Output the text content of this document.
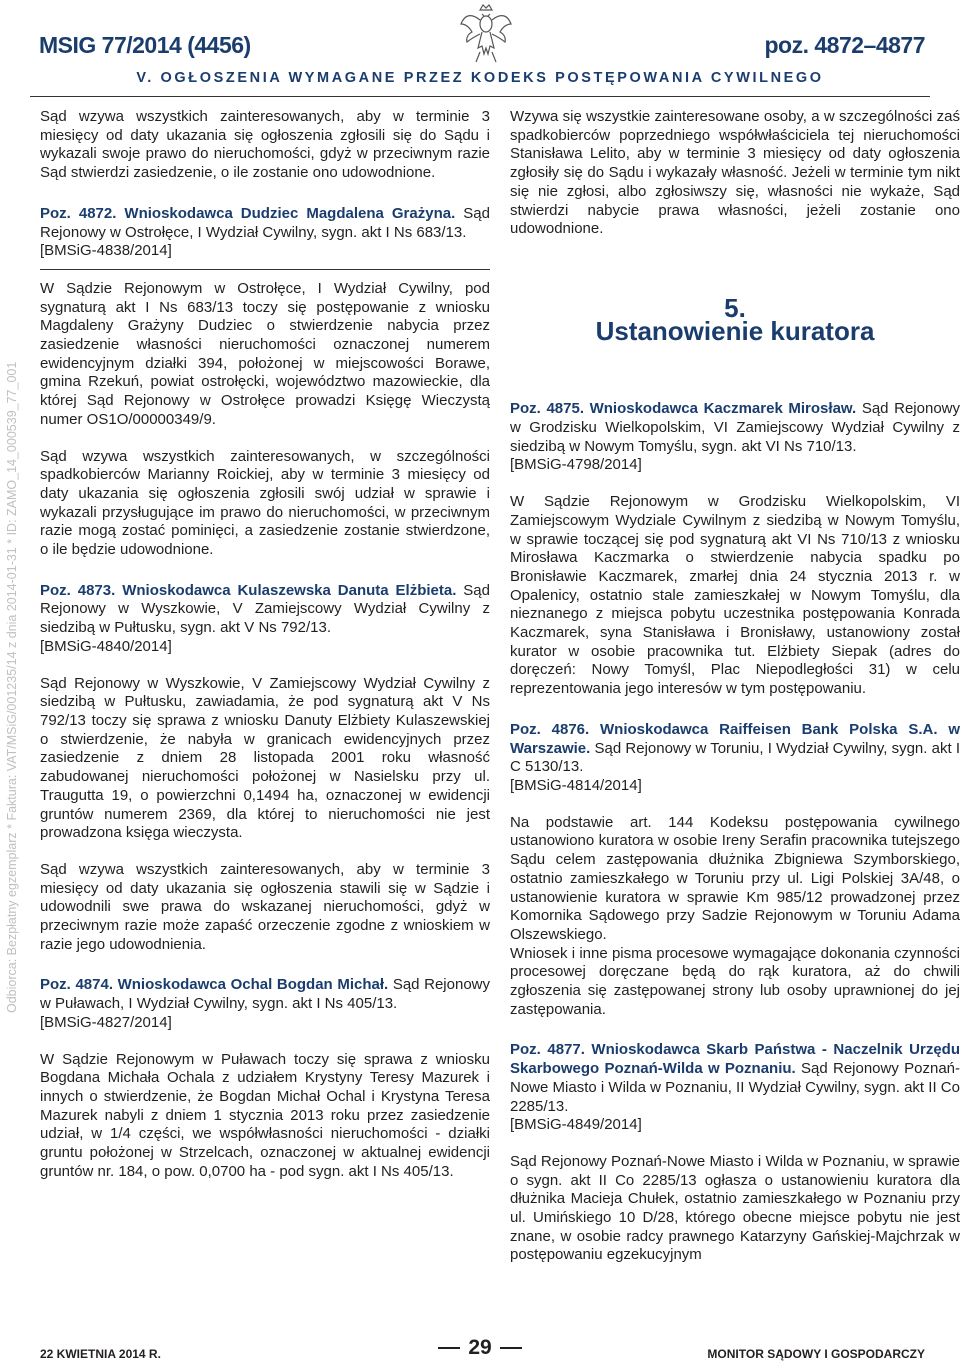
MSIG 77/2014 (4456)	poz. 4872–4877
V. OGŁOSZENIA WYMAGANE PRZEZ KODEKS POSTĘPOWANIA CYWILNEGO
Odbiorca: Bezpłatny egzemplarz * Faktura: VAT/MSiG/001235/14 z dnia 2014-01-31 * ID: ZAMO_14_000539_77_001

Sąd wzywa wszystkich zainteresowanych, aby w terminie 3 miesięcy od daty ukazania się ogłoszenia zgłosili się do Sądu i wykazali swoje prawo do nieruchomości, gdyż w przeciwnym razie Sąd stwierdzi zasiedzenie, o ile zostanie ono udowodnione.

Poz. 4872. Wnioskodawca Dudziec Magdalena Grażyna. Sąd Rejonowy w Ostrołęce, I Wydział Cywilny, sygn. akt I Ns 683/13.

[BMSiG-4838/2014]

W Sądzie Rejonowym w Ostrołęce, I Wydział Cywilny, pod sygnaturą akt I Ns 683/13 toczy się postępowanie z wniosku Magdaleny Grażyny Dudziec o stwierdzenie nabycia przez zasiedzenie własności nieruchomości oznaczonej numerem ewidencyjnym działki 394, położonej w miejscowości Borawe, gmina Rzekuń, powiat ostrołęcki, województwo mazowieckie, dla której Sąd Rejonowy w Ostrołęce prowadzi Księgę Wieczystą numer OS1O/00000349/9.

Sąd wzywa wszystkich zainteresowanych, w szczególności spadkobierców Marianny Roickiej, aby w terminie 3 miesięcy od daty ukazania się ogłoszenia zgłosili swój udział w sprawie i wykazali przysługujące im prawo do nieruchomości, w przeciwnym razie mogą zostać pominięci, a zasiedzenie zostanie stwierdzone, o ile będzie udowodnione.

Poz. 4873. Wnioskodawca Kulaszewska Danuta Elżbieta. Sąd Rejonowy w Wyszkowie, V Zamiejscowy Wydział Cywilny z siedzibą w Pułtusku, sygn. akt V Ns 792/13.

[BMSiG-4840/2014]

Sąd Rejonowy w Wyszkowie, V Zamiejscowy Wydział Cywilny z siedzibą w Pułtusku, zawiadamia, że pod sygnaturą akt V Ns 792/13 toczy się sprawa z wniosku Danuty Elżbiety Kulaszewskiej o stwierdzenie, że nabyła w granicach ewidencyjnych przez zasiedzenie z dniem 28 listopada 2001 roku własność zabudowanej nieruchomości położonej w Nasielsku przy ul. Traugutta 19, o powierzchni 0,1494 ha, oznaczonej w ewidencji gruntów numerem 2369, dla której to nieruchomości nie jest prowadzona księga wieczysta.

Sąd wzywa wszystkich zainteresowanych, aby w terminie 3 miesięcy od daty ukazania się ogłoszenia stawili się w Sądzie i udowodnili swe prawa do wskazanej nieruchomości, gdyż w przeciwnym razie może zapaść orzeczenie zgodne z wnioskiem w razie jego udowodnienia.

Poz. 4874. Wnioskodawca Ochal Bogdan Michał. Sąd Rejonowy w Puławach, I Wydział Cywilny, sygn. akt I Ns 405/13.

[BMSiG-4827/2014]

W Sądzie Rejonowym w Puławach toczy się sprawa z wniosku Bogdana Michała Ochala z udziałem Krystyny Teresy Mazurek i innych o stwierdzenie, że Bogdan Michał Ochal i Krystyna Teresa Mazurek nabyli z dniem 1 stycznia 2013 roku przez zasiedzenie udział, w 1/4 części, we współwłasności nieruchomości - działki gruntu położonej w Strzelcach, oznaczonej w aktualnej ewidencji gruntów nr. 184, o pow. 0,0700 ha - pod sygn. akt I Ns 405/13.

Wzywa się wszystkie zainteresowane osoby, a w szczególności zaś spadkobierców poprzedniego współwłaściciela tej nieruchomości Stanisława Lelito, aby w terminie 3 miesięcy od daty ogłoszenia zgłosiły się do Sądu i wykazały własność. Jeżeli w terminie tym nikt się nie zgłosi, albo zgłosiwszy się, własności nie wykaże, Sąd stwierdzi nabycie prawa własności, jeżeli zostanie ono udowodnione.

5.
Ustanowienie kuratora

Poz. 4875. Wnioskodawca Kaczmarek Mirosław. Sąd Rejonowy w Grodzisku Wielkopolskim, VI Zamiejscowy Wydział Cywilny z siedzibą w Nowym Tomyślu, sygn. akt VI Ns 710/13.

[BMSiG-4798/2014]

W Sądzie Rejonowym w Grodzisku Wielkopolskim, VI Zamiejscowym Wydziale Cywilnym z siedzibą w Nowym Tomyślu, w sprawie toczącej się pod sygnaturą akt VI Ns 710/13 z wniosku Mirosława Kaczmarka o stwierdzenie nabycia spadku po Bronisławie Kaczmarek, zmarłej dnia 24 stycznia 2013 r. w Opalenicy, ostatnio stale zamieszkałej w Nowym Tomyślu, dla nieznanego z miejsca pobytu uczestnika postępowania Konrada Kaczmarek, syna Stanisława i Bronisławy, ustanowiony został kurator w osobie pracownika tut. Elżbiety Siepak (adres do doręczeń: Nowy Tomyśl, Plac Niepodległości 31) w celu reprezentowania jego interesów w tym postępowaniu.

Poz. 4876. Wnioskodawca Raiffeisen Bank Polska S.A. w Warszawie. Sąd Rejonowy w Toruniu, I Wydział Cywilny, sygn. akt I C 5130/13.

[BMSiG-4814/2014]

Na podstawie art. 144 Kodeksu postępowania cywilnego ustanowiono kuratora w osobie Ireny Serafin pracownika tutejszego Sądu celem zastępowania dłużnika Zbigniewa Szymborskiego, ostatnio zamieszkałego w Toruniu przy ul. Ligi Polskiej 3A/48, o ustanowienie kuratora w sprawie Km 985/12 prowadzonej przez Komornika Sądowego przy Sadzie Rejonowym w Toruniu Adama Olszewskiego.

Wniosek i inne pisma procesowe wymagające dokonania czynności procesowej doręczane będą do rąk kuratora, aż do chwili zgłoszenia się zastępowanej strony lub osoby uprawnionej do jej zastępowania.

Poz. 4877. Wnioskodawca Skarb Państwa - Naczelnik Urzędu Skarbowego Poznań-Wilda w Poznaniu. Sąd Rejonowy Poznań-Nowe Miasto i Wilda w Poznaniu, II Wydział Cywilny, sygn. akt II Co 2285/13.

[BMSiG-4849/2014]

Sąd Rejonowy Poznań-Nowe Miasto i Wilda w Poznaniu, w sprawie o sygn. akt II Co 2285/13 ogłasza o ustanowieniu kuratora dla dłużnika Macieja Chułek, ostatnio zamieszkałego w Poznaniu przy ul. Umińskiego 10 D/28, którego obecne miejsce pobytu nie jest znane, w osobie radcy prawnego Katarzyny Gańskiej-Majchrzak w postępowaniu egzekucyjnym

22 KWIETNIA 2014 R.	29	MONITOR SĄDOWY I GOSPODARCZY
